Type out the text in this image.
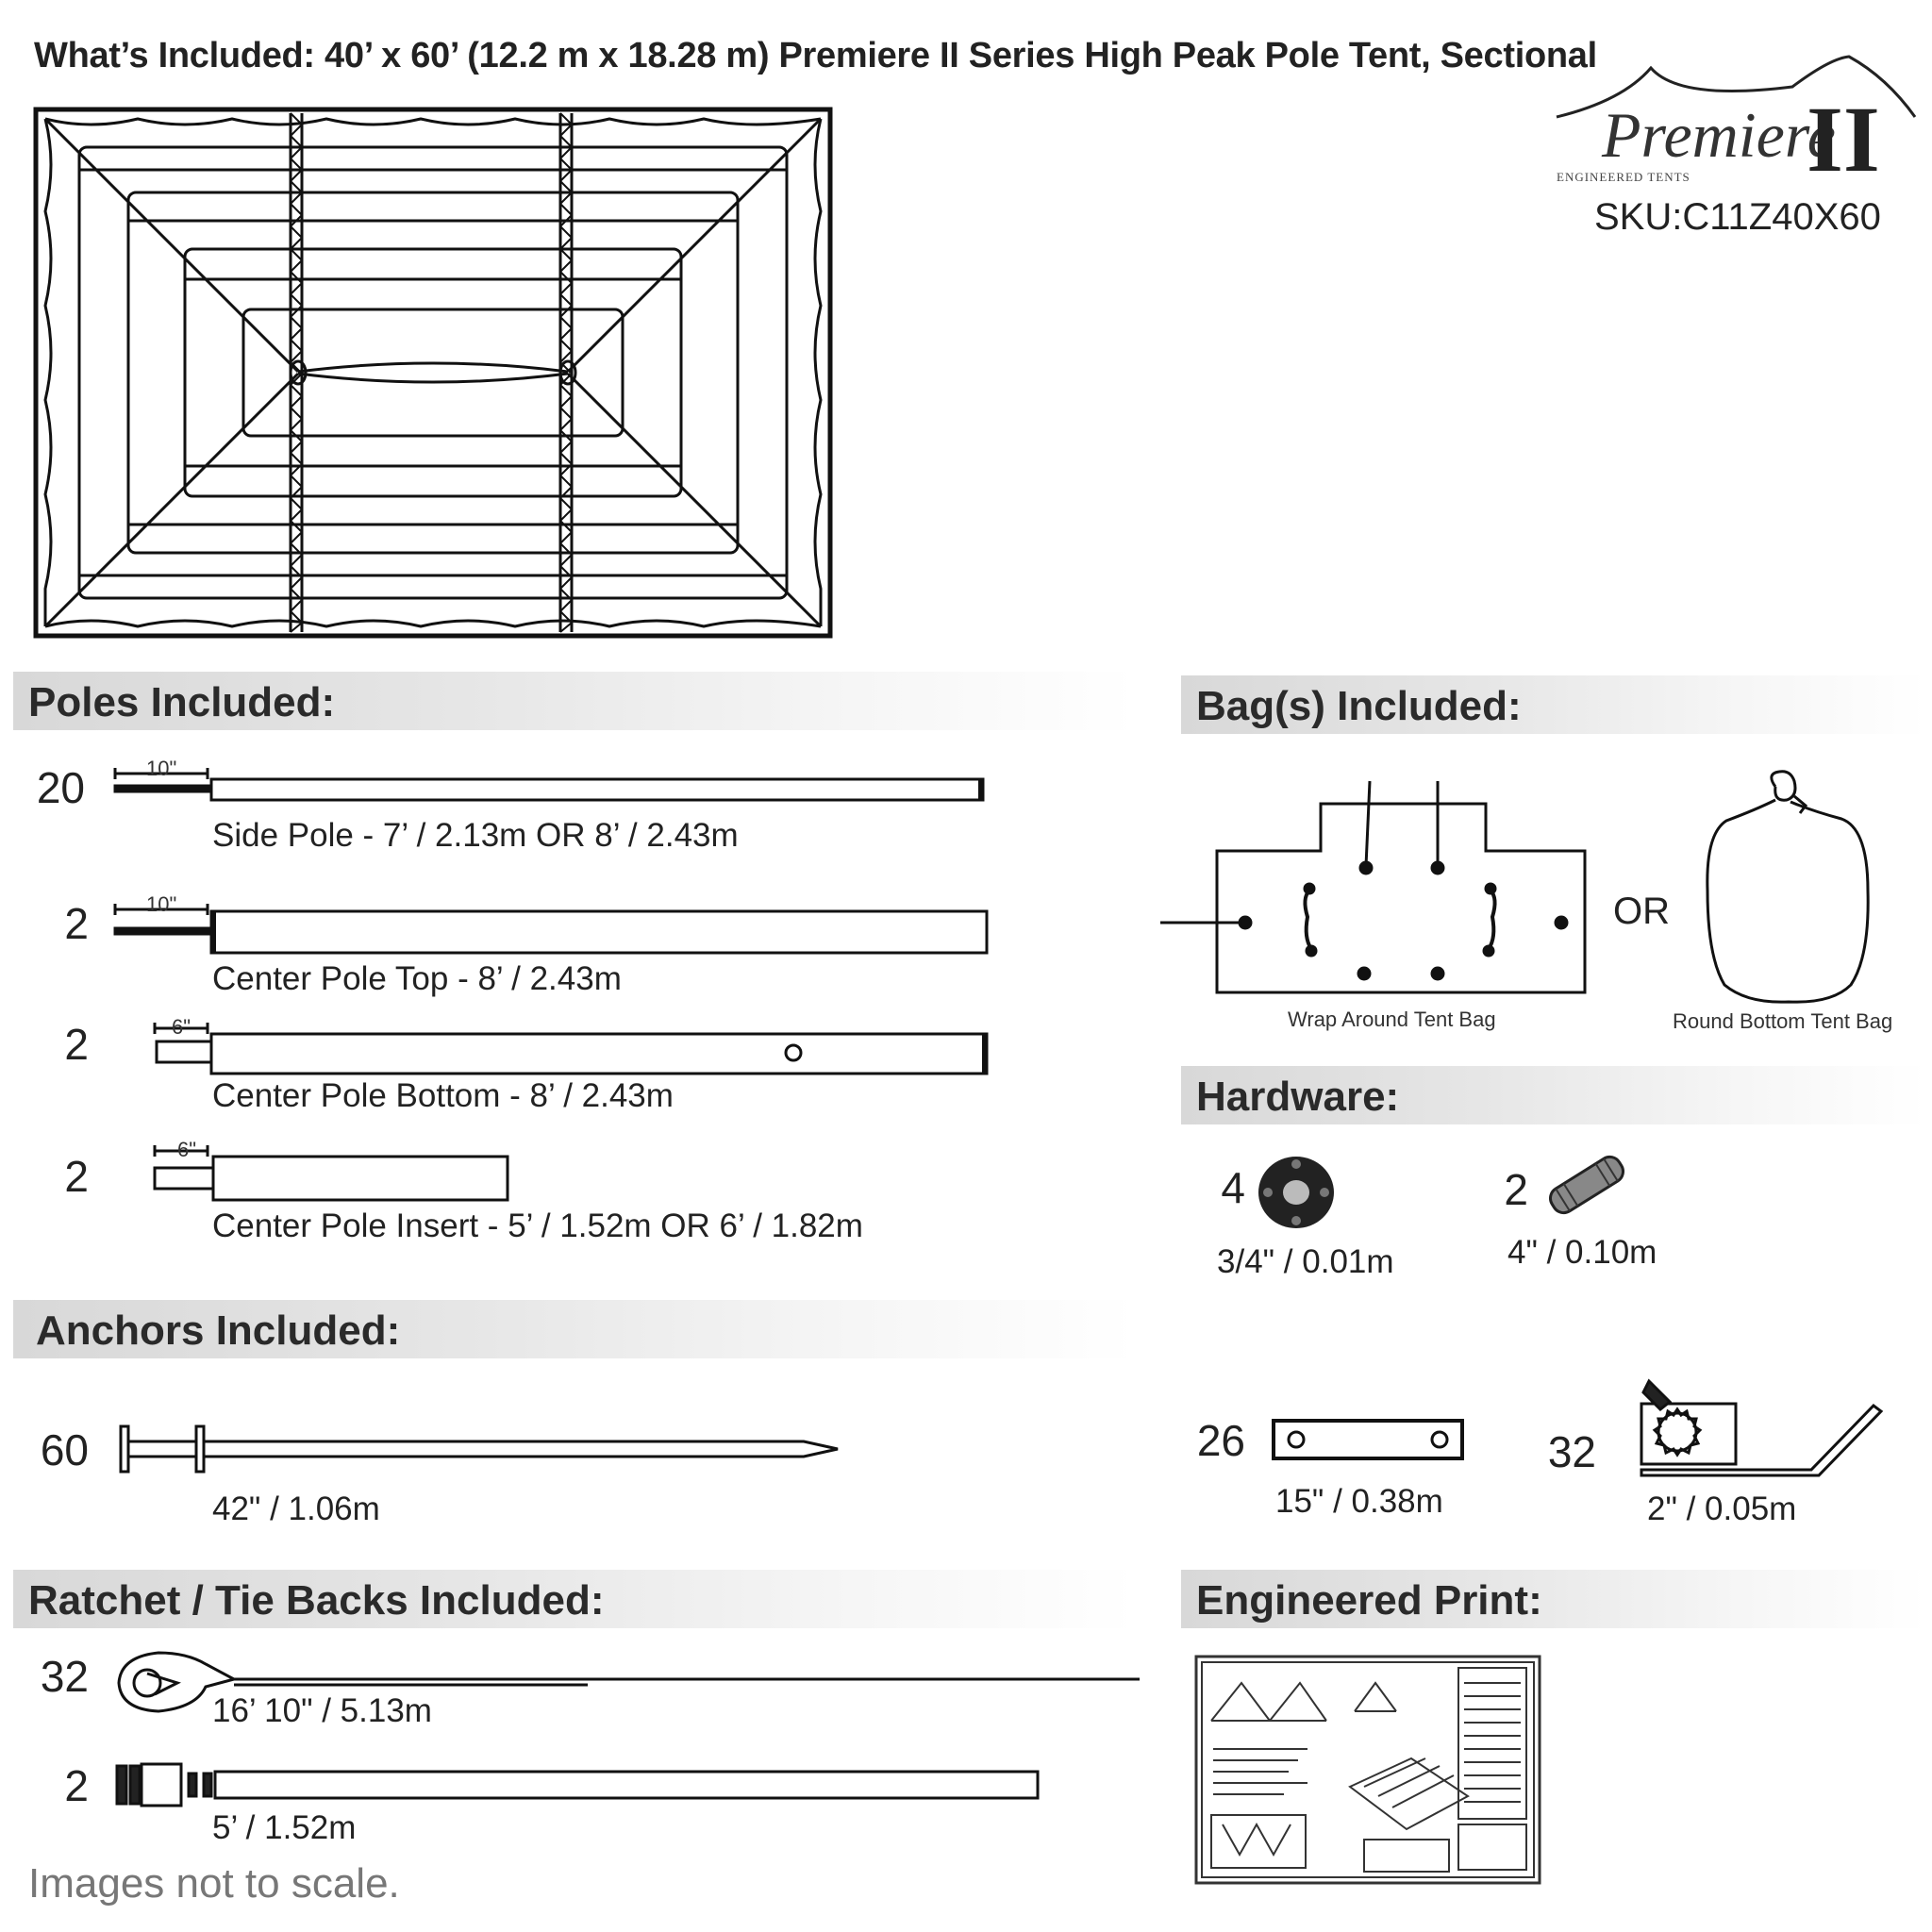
What’s Included: 40’ x 60’ (12.2 m x 18.28 m) Premiere II Series High Peak Pole Tent, Sectional
Premiere
II
ENGINEERED TENTS
SKU:C11Z40X60
Poles Included:	Bag(s) Included:
Hardware:
Anchors Included:
Ratchet / Tie Backs Included:	Engineered Print:
20	10"
Side Pole - 7’ / 2.13m OR 8’ / 2.43m
2	10"
Center Pole Top - 8’ / 2.43m
2	6"
Center Pole Bottom - 8’ / 2.43m
2
6"
Center Pole Insert - 5’ / 1.52m OR 6’ / 1.82m
Wrap Around Tent Bag
OR
Round Bottom Tent Bag
4
3/4" / 0.01m
2
4" / 0.10m
26
15" / 0.38m
32
2" / 0.05m
60
42" / 1.06m
32
16’ 10" / 5.13m
2
5’ / 1.52m
Images not to scale.
